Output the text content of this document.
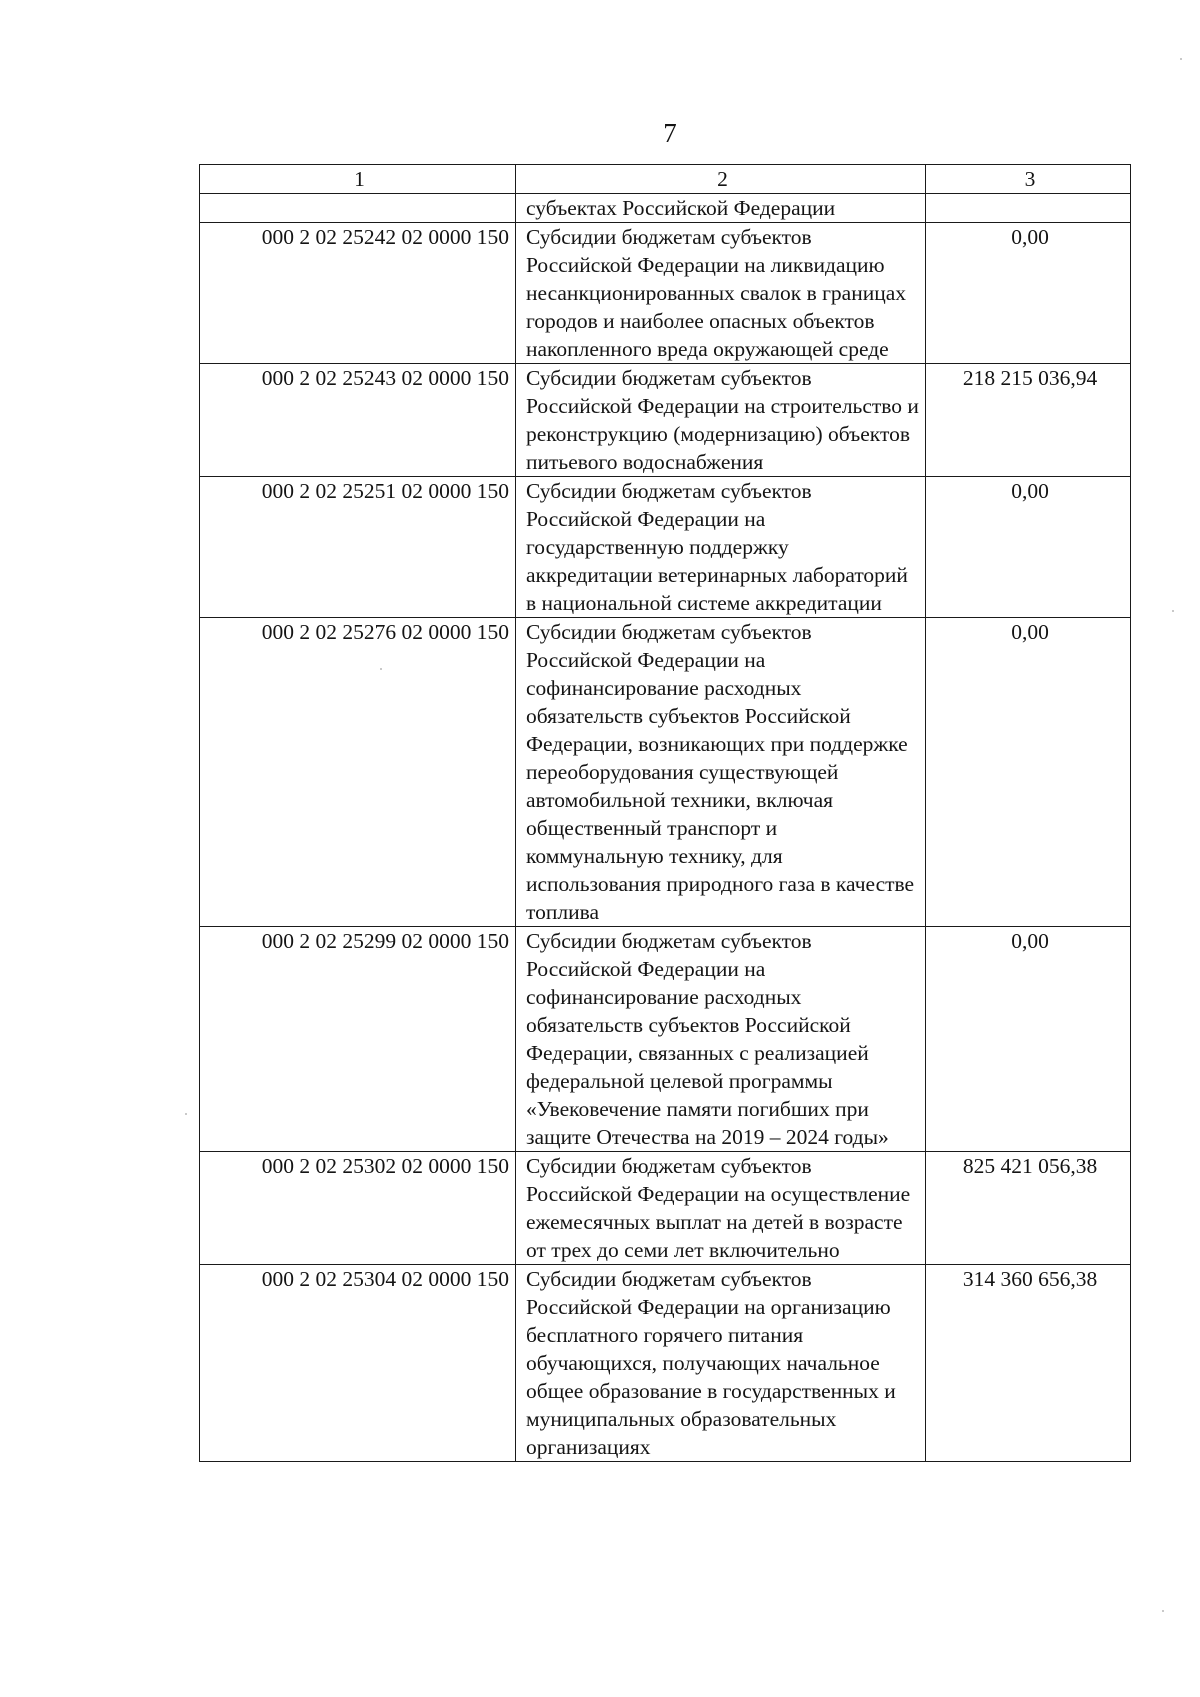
7
1	2	3
	субъектах Российской Федерации	
000 2 02 25242 02 0000 150	Субсидии бюджетам субъектов Российской Федерации на ликвидацию несанкционированных свалок в границах городов и наиболее опасных объектов накопленного вреда окружающей среде	0,00
000 2 02 25243 02 0000 150	Субсидии бюджетам субъектов Российской Федерации на строительство и реконструкцию (модернизацию) объектов питьевого водоснабжения	218 215 036,94
000 2 02 25251 02 0000 150	Субсидии бюджетам субъектов Российской Федерации на государственную поддержку аккредитации ветеринарных лабораторий в национальной системе аккредитации	0,00
000 2 02 25276 02 0000 150	Субсидии бюджетам субъектов Российской Федерации на софинансирование расходных обязательств субъектов Российской Федерации, возникающих при поддержке переоборудования существующей автомобильной техники, включая общественный транспорт и коммунальную технику, для использования природного газа в качестве топлива	0,00
000 2 02 25299 02 0000 150	Субсидии бюджетам субъектов Российской Федерации на софинансирование расходных обязательств субъектов Российской Федерации, связанных с реализацией федеральной целевой программы «Увековечение памяти погибших при защите Отечества на 2019 – 2024 годы»	0,00
000 2 02 25302 02 0000 150	Субсидии бюджетам субъектов Российской Федерации на осуществление ежемесячных выплат на детей в возрасте от трех до семи лет включительно	825 421 056,38
000 2 02 25304 02 0000 150	Субсидии бюджетам субъектов Российской Федерации на организацию бесплатного горячего питания обучающихся, получающих начальное общее образование в государственных и муниципальных образовательных организациях	314 360 656,38
